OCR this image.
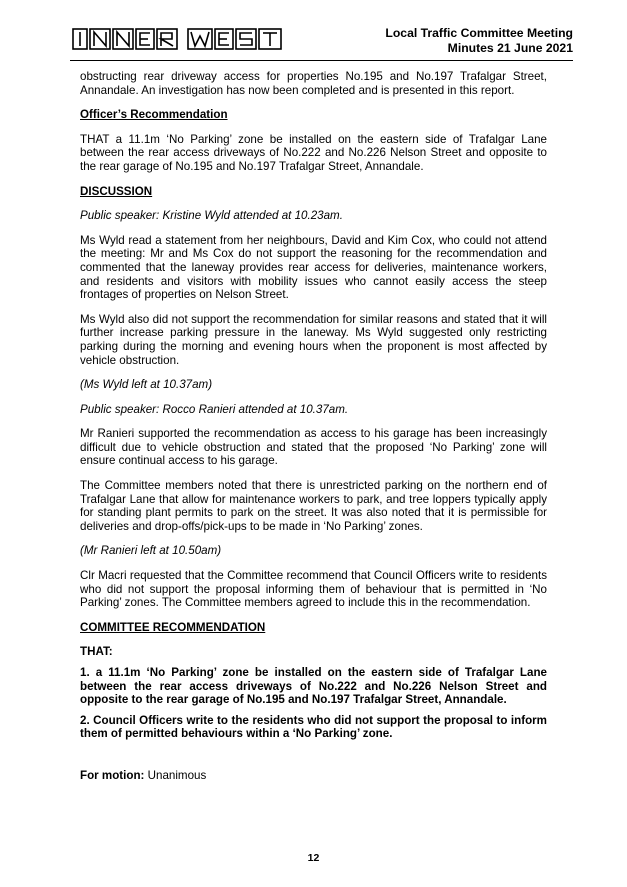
Local Traffic Committee Meeting
Minutes 21 June 2021

obstructing rear driveway access for properties No.195 and No.197 Trafalgar Street, Annandale. An investigation has now been completed and is presented in this report.

Officer’s Recommendation

THAT a 11.1m ‘No Parking’ zone be installed on the eastern side of Trafalgar Lane between the rear access driveways of No.222 and No.226 Nelson Street and opposite to the rear garage of No.195 and No.197 Trafalgar Street, Annandale.

DISCUSSION

Public speaker: Kristine Wyld attended at 10.23am.

Ms Wyld read a statement from her neighbours, David and Kim Cox, who could not attend the meeting: Mr and Ms Cox do not support the reasoning for the recommendation and commented that the laneway provides rear access for deliveries, maintenance workers, and residents and visitors with mobility issues who cannot easily access the steep frontages of properties on Nelson Street.

Ms Wyld also did not support the recommendation for similar reasons and stated that it will further increase parking pressure in the laneway. Ms Wyld suggested only restricting parking during the morning and evening hours when the proponent is most affected by vehicle obstruction.

(Ms Wyld left at 10.37am)

Public speaker: Rocco Ranieri attended at 10.37am.

Mr Ranieri supported the recommendation as access to his garage has been increasingly difficult due to vehicle obstruction and stated that the proposed ‘No Parking’ zone will ensure continual access to his garage.

The Committee members noted that there is unrestricted parking on the northern end of Trafalgar Lane that allow for maintenance workers to park, and tree loppers typically apply for standing plant permits to park on the street. It was also noted that it is permissible for deliveries and drop-offs/pick-ups to be made in ‘No Parking’ zones.

(Mr Ranieri left at 10.50am)

Clr Macri requested that the Committee recommend that Council Officers write to residents who did not support the proposal informing them of behaviour that is permitted in ‘No Parking’ zones. The Committee members agreed to include this in the recommendation.

COMMITTEE RECOMMENDATION

THAT:

1. a 11.1m ‘No Parking’ zone be installed on the eastern side of Trafalgar Lane between the rear access driveways of No.222 and No.226 Nelson Street and opposite to the rear garage of No.195 and No.197 Trafalgar Street, Annandale.

2. Council Officers write to the residents who did not support the proposal to inform them of permitted behaviours within a ‘No Parking’ zone.

For motion: Unanimous
12
